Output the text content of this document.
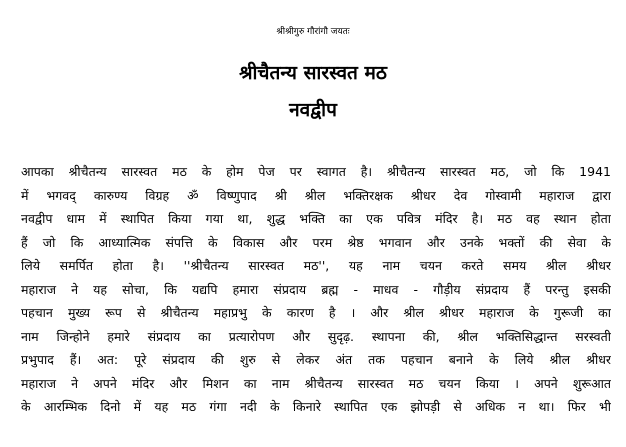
श्रीश्रीगुरु गौरांगौ जयतः
श्रीचैतन्य सारस्वत मठ
नवद्वीप
आपका श्रीचैतन्य सारस्वत मठ के होम पेज पर स्वागत है। श्रीचैतन्य सारस्वत मठ, जो कि 1941
में भगवद् कारुण्य विग्रह ॐ विष्णुपाद श्री श्रील भक्तिरक्षक श्रीधर देव गोस्वामी महाराज द्वारा
नवद्वीप धाम में स्थापित किया गया था, शुद्ध भक्ति का एक पवित्र मंदिर है। मठ वह स्थान होता
हैं जो कि आध्यात्मिक संपत्ति के विकास और परम श्रेष्ठ भगवान और उनके भक्तों की सेवा के
लिये समर्पित होता है। ''श्रीचैतन्य सारस्वत मठ'', यह नाम चयन करते समय श्रील श्रीधर
महाराज ने यह सोचा, कि यद्यपि हमारा संप्रदाय ब्रह्म - माधव - गौड़ीय संप्रदाय हैं परन्तु इसकी
पहचान मुख्य रूप से श्रीचैतन्य महाप्रभु के कारण है । और श्रील श्रीधर महाराज के गुरूजी का
नाम जिन्होने हमारे संप्रदाय का प्रत्यारोपण और सुदृढ़. स्थापना की, श्रील भक्तिसिद्धान्त सरस्वती
प्रभुपाद हैं। अत: पूरे संप्रदाय की शुरु से लेकर अंत तक पहचान बनाने के लिये श्रील श्रीधर
महाराज ने अपने मंदिर और मिशन का नाम श्रीचैतन्य सारस्वत मठ चयन किया । अपने शुरूआत
के आरम्भिक दिनो में यह मठ गंगा नदी के किनारे स्थापित एक झोपड़ी से अधिक न था। फिर भी
